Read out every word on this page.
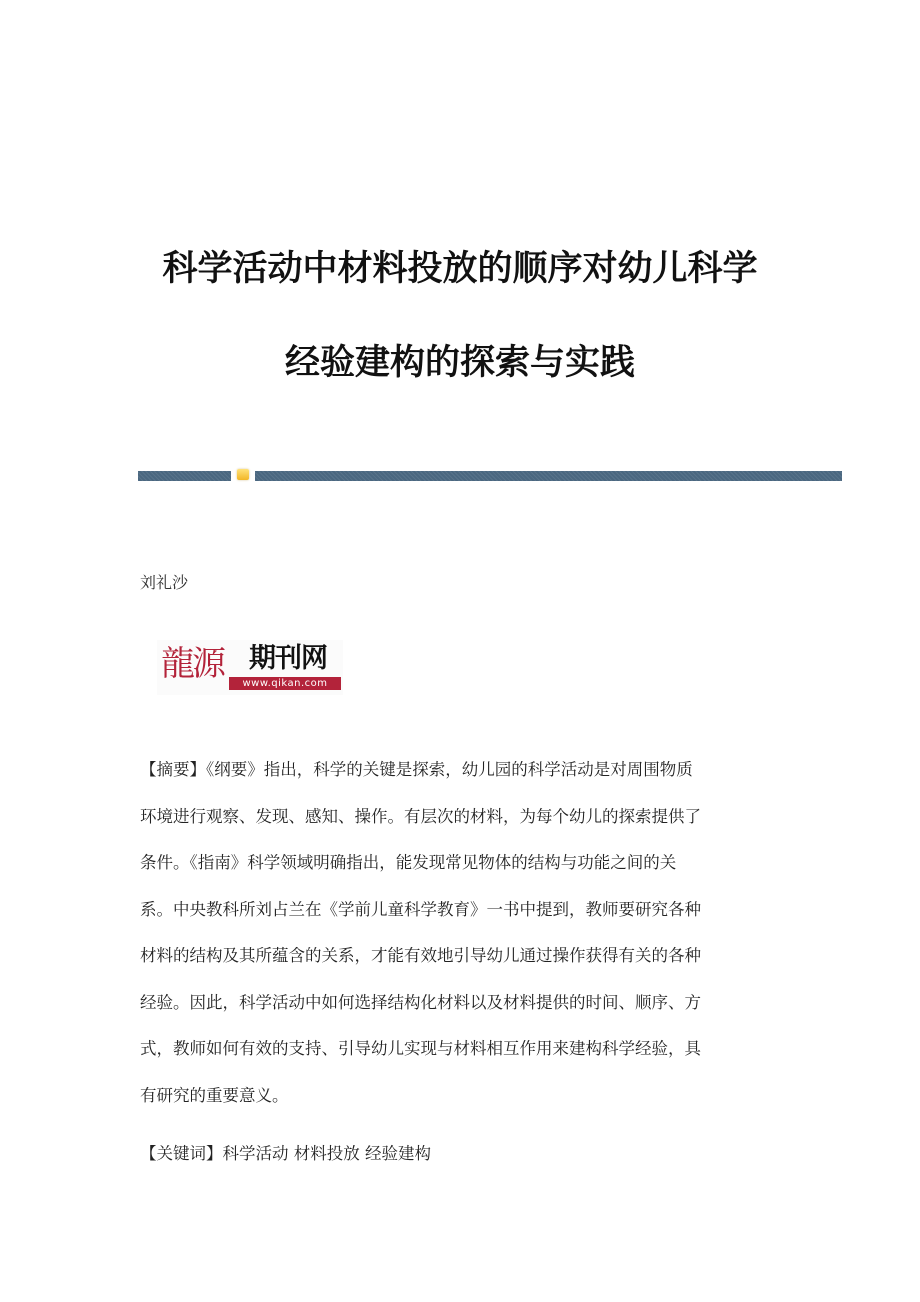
科学活动中材料投放的顺序对幼儿科学
经验建构的探索与实践
刘礼沙
龍源 期刊网
www.qikan.com
【摘要】《纲要》指出，科学的关键是探索，幼儿园的科学活动是对周围物质
环境进行观察、发现、感知、操作。有层次的材料，为每个幼儿的探索提供了
条件。《指南》科学领域明确指出，能发现常见物体的结构与功能之间的关
系。中央教科所刘占兰在《学前儿童科学教育》一书中提到，教师要研究各种
材料的结构及其所蕴含的关系，才能有效地引导幼儿通过操作获得有关的各种
经验。因此，科学活动中如何选择结构化材料以及材料提供的时间、顺序、方
式，教师如何有效的支持、引导幼儿实现与材料相互作用来建构科学经验，具
有研究的重要意义。
【关键词】科学活动 材料投放 经验建构
